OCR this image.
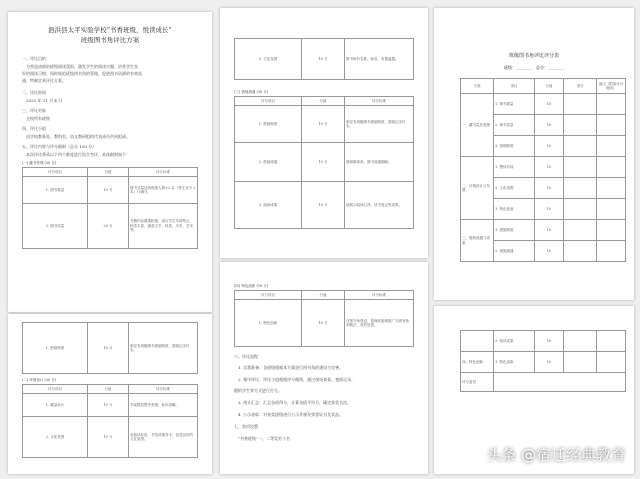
泗洪县太平实验学校“书香班级，悦读成长”
班级图书角评比方案
一、评比目的
为营造浓郁的班级阅读氛围，激发学生的阅读兴趣，培养学生良
好的阅读习惯，同时规范班级图书角的管理，促进图书资源的有效流
通，特制定本评比方案。
二、评比时间
2025 年 11 月 4 日
三、评比对象
全校所有班级
四、评比小组
由学校教务处、教科室、语文教研组的代表成员共同组成。
五、评比内容与评分细则（总分 100 分）
本次评比将从以下四个维度进行综合考评，具体细则如下：
(一) 藏书管理 (30 分)
评分项目	分值	评分标准
1. 图书数量	10 分	图书总量达到班级人数×2 本（每生至少 2 本）计满分。
2. 图书质量	20 分	书籍内容健康积极，适合学生年龄特点，种类丰富，涵盖文学、科普、历史、艺术等。
1. 借阅制度	10 分	制定有班级图书借阅制度，借阅记录详实。
(二) 环境设计 (30 分)
评分项目	分值	评分标准
1. 藏品设计	10 分	书架摆放整齐美观，标识清晰。
2. 文化氛围	10 分	有阅读标语、书签或推荐卡，营造良好的文化氛围。
3. 文化氛围	10 分	图书角有名称、标语，布置温馨。
(三) 借阅流通 (30 分)
评分项目	分值	评分标准
1. 借阅制度	10 分	制定有班级图书借阅制度，借阅记录详实。
2. 借阅流通	10 分	借阅频率高，图书流通顺畅。
3. 阅读成果	10 分	能展示阅读心得、读书笔记等成果。
(四) 特色创新 (10 分)
评分项目	分值	评分标准
1. 特色创新	10 分	在图书角建设、管理或阅读推广方面有独到做法，成效显著。
六、评比流程
1. 自我准备：各班级根据本方案进行图书角的建设与完善。
2. 集中评比：评比小组根据评分细则，通过现场查看、查阅记录、
随机学生等方式进行打分。
3. 统计汇总：汇总各班得分，计算各班平均分，确定获奖名次。
4. 公示表彰：对获奖班级进行公示并颁发荣誉证书及奖品。
七、奖项设置
“书香班级”一、二等奖若干名
班级图书角评比评分表
班级：________　总分：________
方面	项目	分值	得分	备注（附加评分说明）
一、藏书量及管理	1. 图书数量	10		
	2. 图书质量	10		
	3. 管理制度	10		
二、环境设计与布置	1. 整体布局	10		
	2. 文化氛围	10		
	3. 特色创意	10		
三、借阅流通与成果	1. 借阅制度	10		
	2. 借阅流通	10		
	3. 阅读成果	10		
四、特色创新	1. 特色创新	10		
评分委员				
头条 @宿迁经典教育
